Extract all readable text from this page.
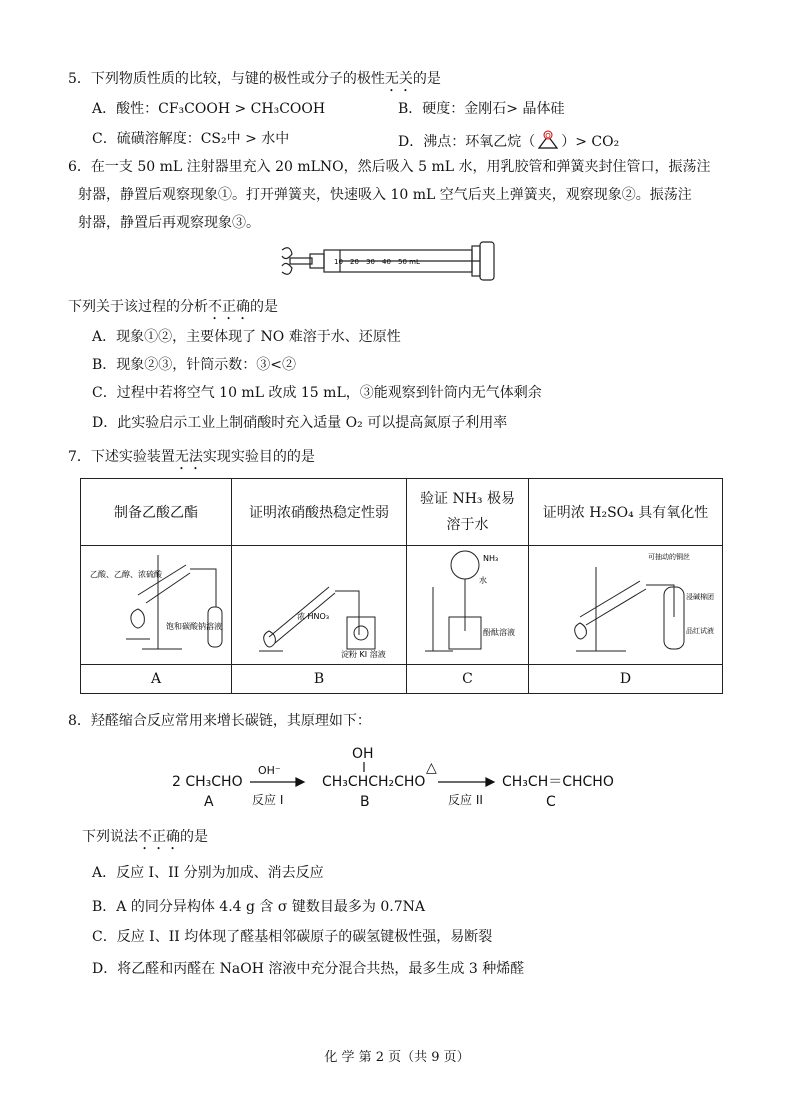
5．下列物质性质的比较，与键的极性或分子的极性无关的是
A．酸性：CF₃COOH > CH₃COOH	B．硬度：金刚石> 晶体硅
C．硫磺溶解度：CS₂中 > 水中	D．沸点：环氧乙烷（ O ）> CO₂
6．在一支 50 mL 注射器里充入 20 mLNO，然后吸入 5 mL 水，用乳胶管和弹簧夹封住管口，振荡注
射器，静置后观察现象①。打开弹簧夹，快速吸入 10 mL 空气后夹上弹簧夹，观察现象②。振荡注
射器，静置后再观察现象③。
10 20 30 40 50 mL
下列关于该过程的分析不正确的是
A．现象①②，主要体现了 NO 难溶于水、还原性
B．现象②③，针筒示数：③<②
C．过程中若将空气 10 mL 改成 15 mL，③能观察到针筒内无气体剩余
D．此实验启示工业上制硝酸时充入适量 O₂ 可以提高氮原子利用率
7．下述实验装置无法实现实验目的的是
制备乙酸乙酯	证明浓硝酸热稳定性弱	验证 NH₃ 极易溶于水	证明浓 H₂SO₄ 具有氧化性

乙酸、乙醇、浓硫酸
饱和碳酸钠溶液	浓 HNO₃
淀粉 KI 溶液	NH₃
水
酚酞溶液	可抽动的铜丝
浸碱棉团
品红试液

A	B	C	D
8．羟醛缩合反应常用来增长碳链，其原理如下：
2 CH₃CHO
A
OH⁻
反应 I
OH
CH₃CHCH₂CHO
B
△
反应 II
CH₃CH＝CHCHO
C
下列说法不正确的是
A．反应 I、II 分别为加成、消去反应
B．A 的同分异构体 4.4 g 含 σ 键数目最多为 0.7NA
C．反应 I、II 均体现了醛基相邻碳原子的碳氢键极性强，易断裂
D．将乙醛和丙醛在 NaOH 溶液中充分混合共热，最多生成 3 种烯醛
化 学 第 2 页（共 9 页）
